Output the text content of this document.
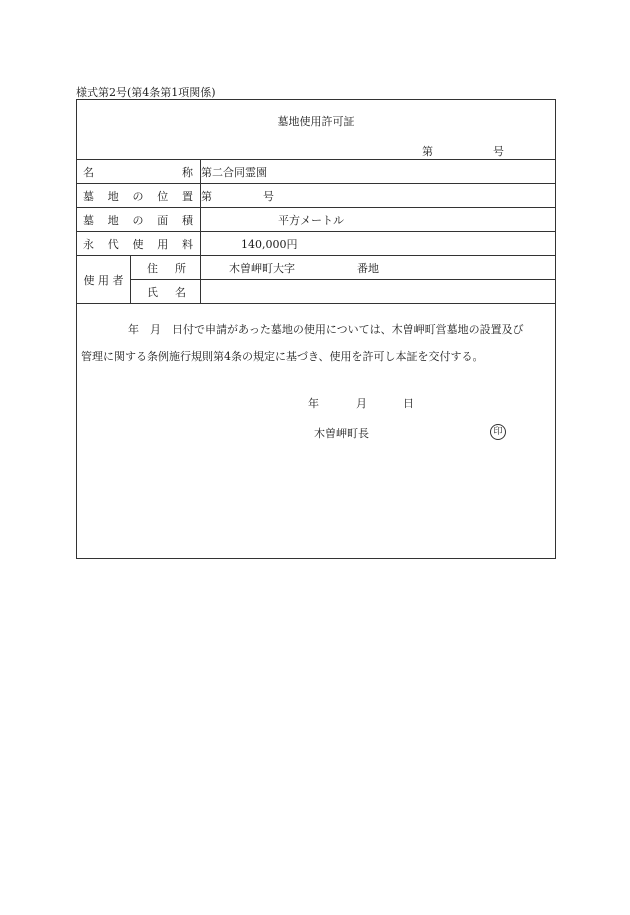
様式第2号(第4条第1項関係)
墓地使用許可証
第	号
名 称		第二合同霊園

墓 地 の 位 置		第 号

墓 地 の 面 積		平方メートル

永 代 使 用 料		140,000円
使 用 者	住 所	木曽岬町大字 番地

	氏 名	

年　月　日付で申請があった墓地の使用については、木曽岬町営墓地の設置及び

管理に関する条例施行規則第4条の規定に基づき、使用を許可し本証を交付する。

年	月	日
木曽岬町長	印
